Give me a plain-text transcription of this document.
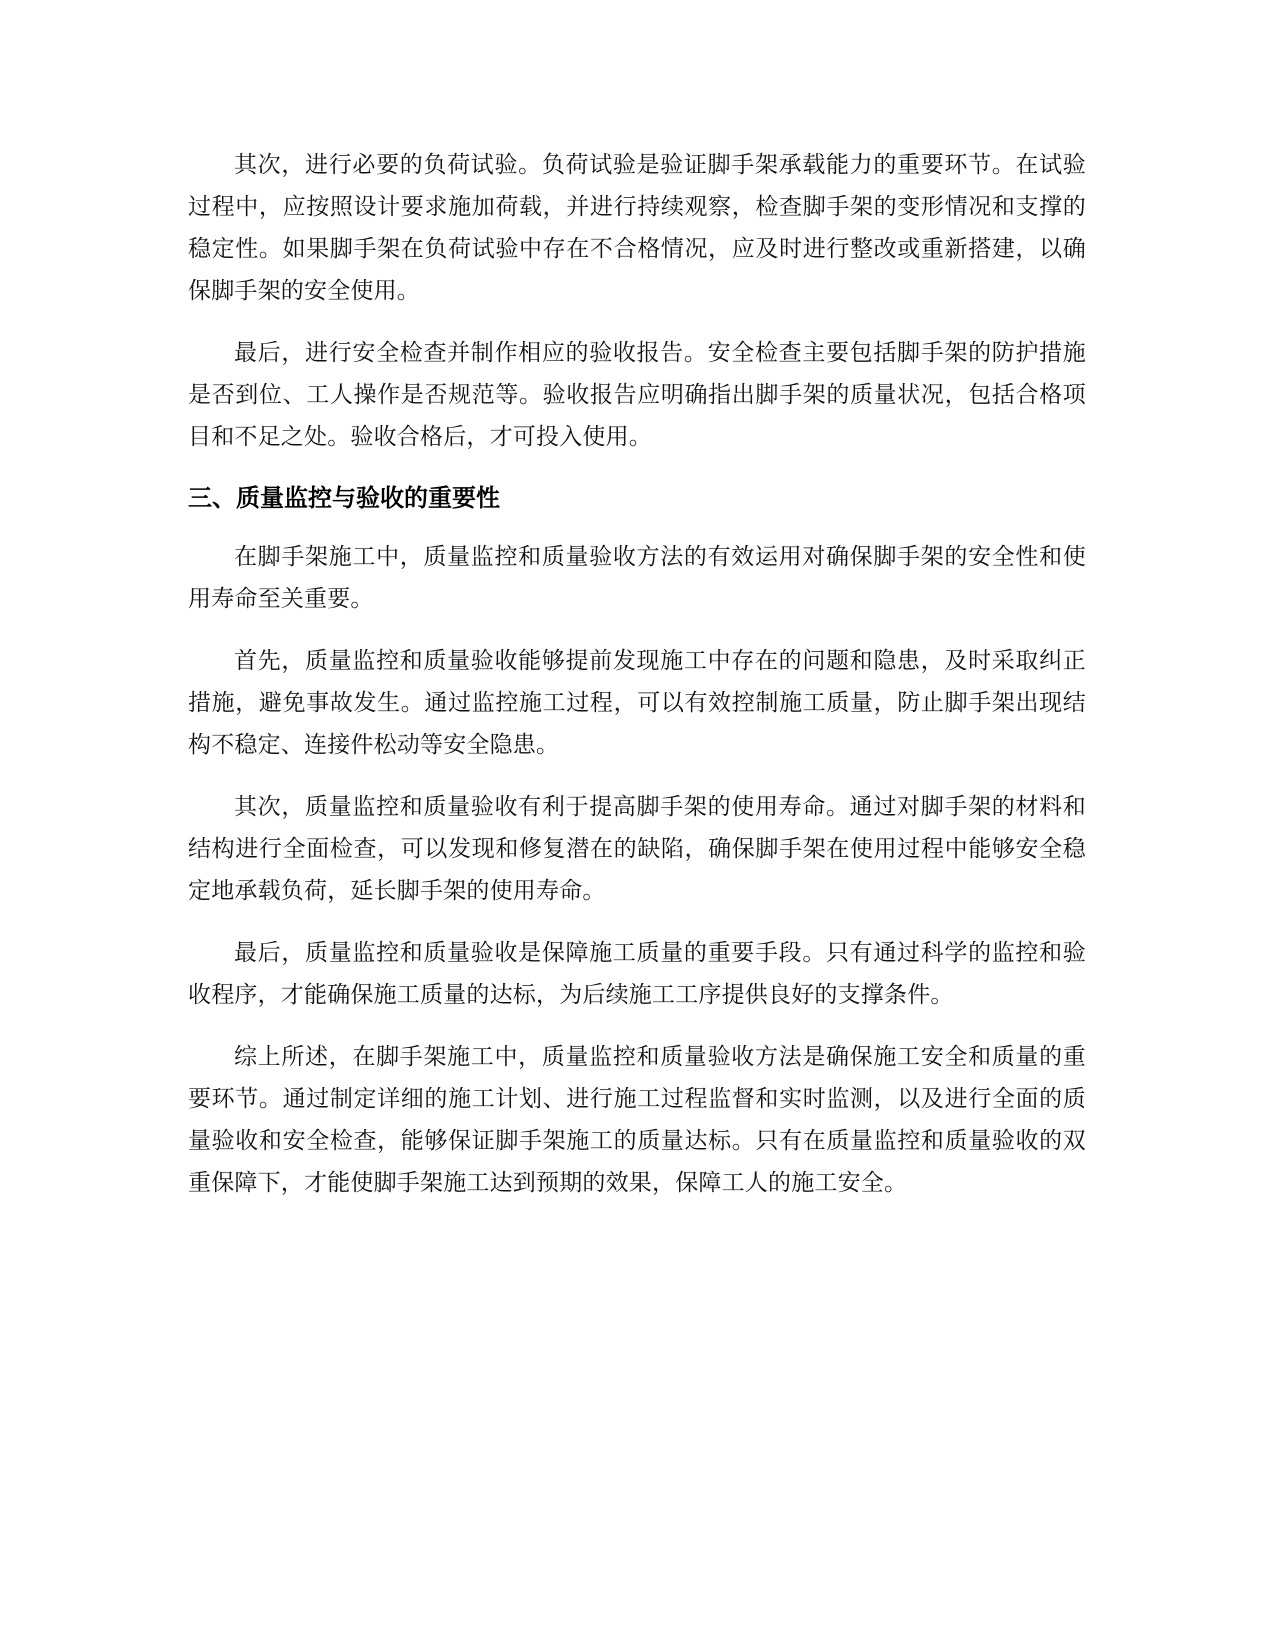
其次，进行必要的负荷试验。负荷试验是验证脚手架承载能力的重要环节。在试验过程中，应按照设计要求施加荷载，并进行持续观察，检查脚手架的变形情况和支撑的稳定性。如果脚手架在负荷试验中存在不合格情况，应及时进行整改或重新搭建，以确保脚手架的安全使用。

最后，进行安全检查并制作相应的验收报告。安全检查主要包括脚手架的防护措施是否到位、工人操作是否规范等。验收报告应明确指出脚手架的质量状况，包括合格项目和不足之处。验收合格后，才可投入使用。

三、质量监控与验收的重要性

在脚手架施工中，质量监控和质量验收方法的有效运用对确保脚手架的安全性和使用寿命至关重要。

首先，质量监控和质量验收能够提前发现施工中存在的问题和隐患，及时采取纠正措施，避免事故发生。通过监控施工过程，可以有效控制施工质量，防止脚手架出现结构不稳定、连接件松动等安全隐患。

其次，质量监控和质量验收有利于提高脚手架的使用寿命。通过对脚手架的材料和结构进行全面检查，可以发现和修复潜在的缺陷，确保脚手架在使用过程中能够安全稳定地承载负荷，延长脚手架的使用寿命。

最后，质量监控和质量验收是保障施工质量的重要手段。只有通过科学的监控和验收程序，才能确保施工质量的达标，为后续施工工序提供良好的支撑条件。

综上所述，在脚手架施工中，质量监控和质量验收方法是确保施工安全和质量的重要环节。通过制定详细的施工计划、进行施工过程监督和实时监测，以及进行全面的质量验收和安全检查，能够保证脚手架施工的质量达标。只有在质量监控和质量验收的双重保障下，才能使脚手架施工达到预期的效果，保障工人的施工安全。
